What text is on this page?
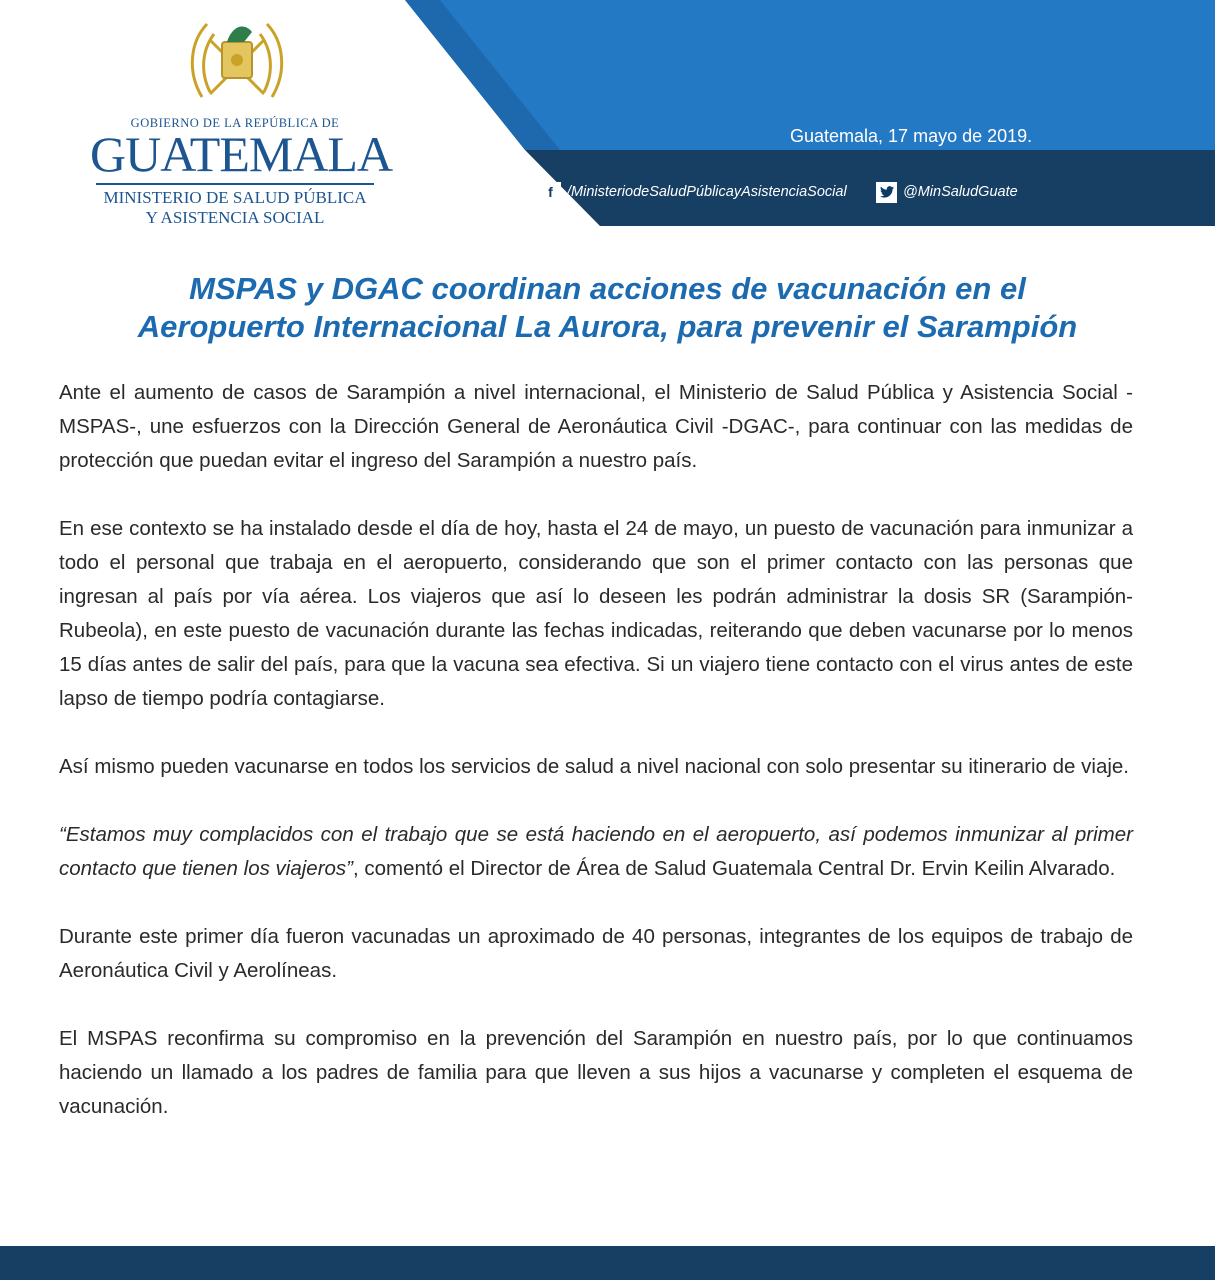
GOBIERNO DE LA REPÚBLICA DE
GUATEMALA
MINISTERIO DE SALUD PÚBLICA
Y ASISTENCIA SOCIAL
Guatemala, 17 mayo de 2019.
f /MinisteriodeSaludPúblicayAsistenciaSocial	@MinSaludGuate
MSPAS y DGAC coordinan acciones de vacunación en el
Aeropuerto Internacional La Aurora, para prevenir el Sarampión

Ante el aumento de casos de Sarampión a nivel internacional, el Ministerio de Salud Pública y Asistencia Social -MSPAS-, une esfuerzos con la Dirección General de Aeronáutica Civil -DGAC-, para continuar con las medidas de protección que puedan evitar el ingreso del Sarampión a nuestro país.

En ese contexto se ha instalado desde el día de hoy, hasta el 24 de mayo, un puesto de vacunación para inmunizar a todo el personal que trabaja en el aeropuerto, considerando que son el primer contacto con las personas que ingresan al país por vía aérea. Los viajeros que así lo deseen les podrán administrar la dosis SR (Sarampión-Rubeola), en este puesto de vacunación durante las fechas indicadas, reiterando que deben vacunarse por lo menos 15 días antes de salir del país, para que la vacuna sea efectiva. Si un viajero tiene contacto con el virus antes de este lapso de tiempo podría contagiarse.

Así mismo pueden vacunarse en todos los servicios de salud a nivel nacional con solo presentar su itinerario de viaje.

“Estamos muy complacidos con el trabajo que se está haciendo en el aeropuerto, así podemos inmunizar al primer contacto que tienen los viajeros”, comentó el Director de Área de Salud Guatemala Central Dr. Ervin Keilin Alvarado.

Durante este primer día fueron vacunadas un aproximado de 40 personas, integrantes de los equipos de trabajo de Aeronáutica Civil y Aerolíneas.

El MSPAS reconfirma su compromiso en la prevención del Sarampión en nuestro país, por lo que continuamos haciendo un llamado a los padres de familia para que lleven a sus hijos a vacunarse y completen el esquema de vacunación.
